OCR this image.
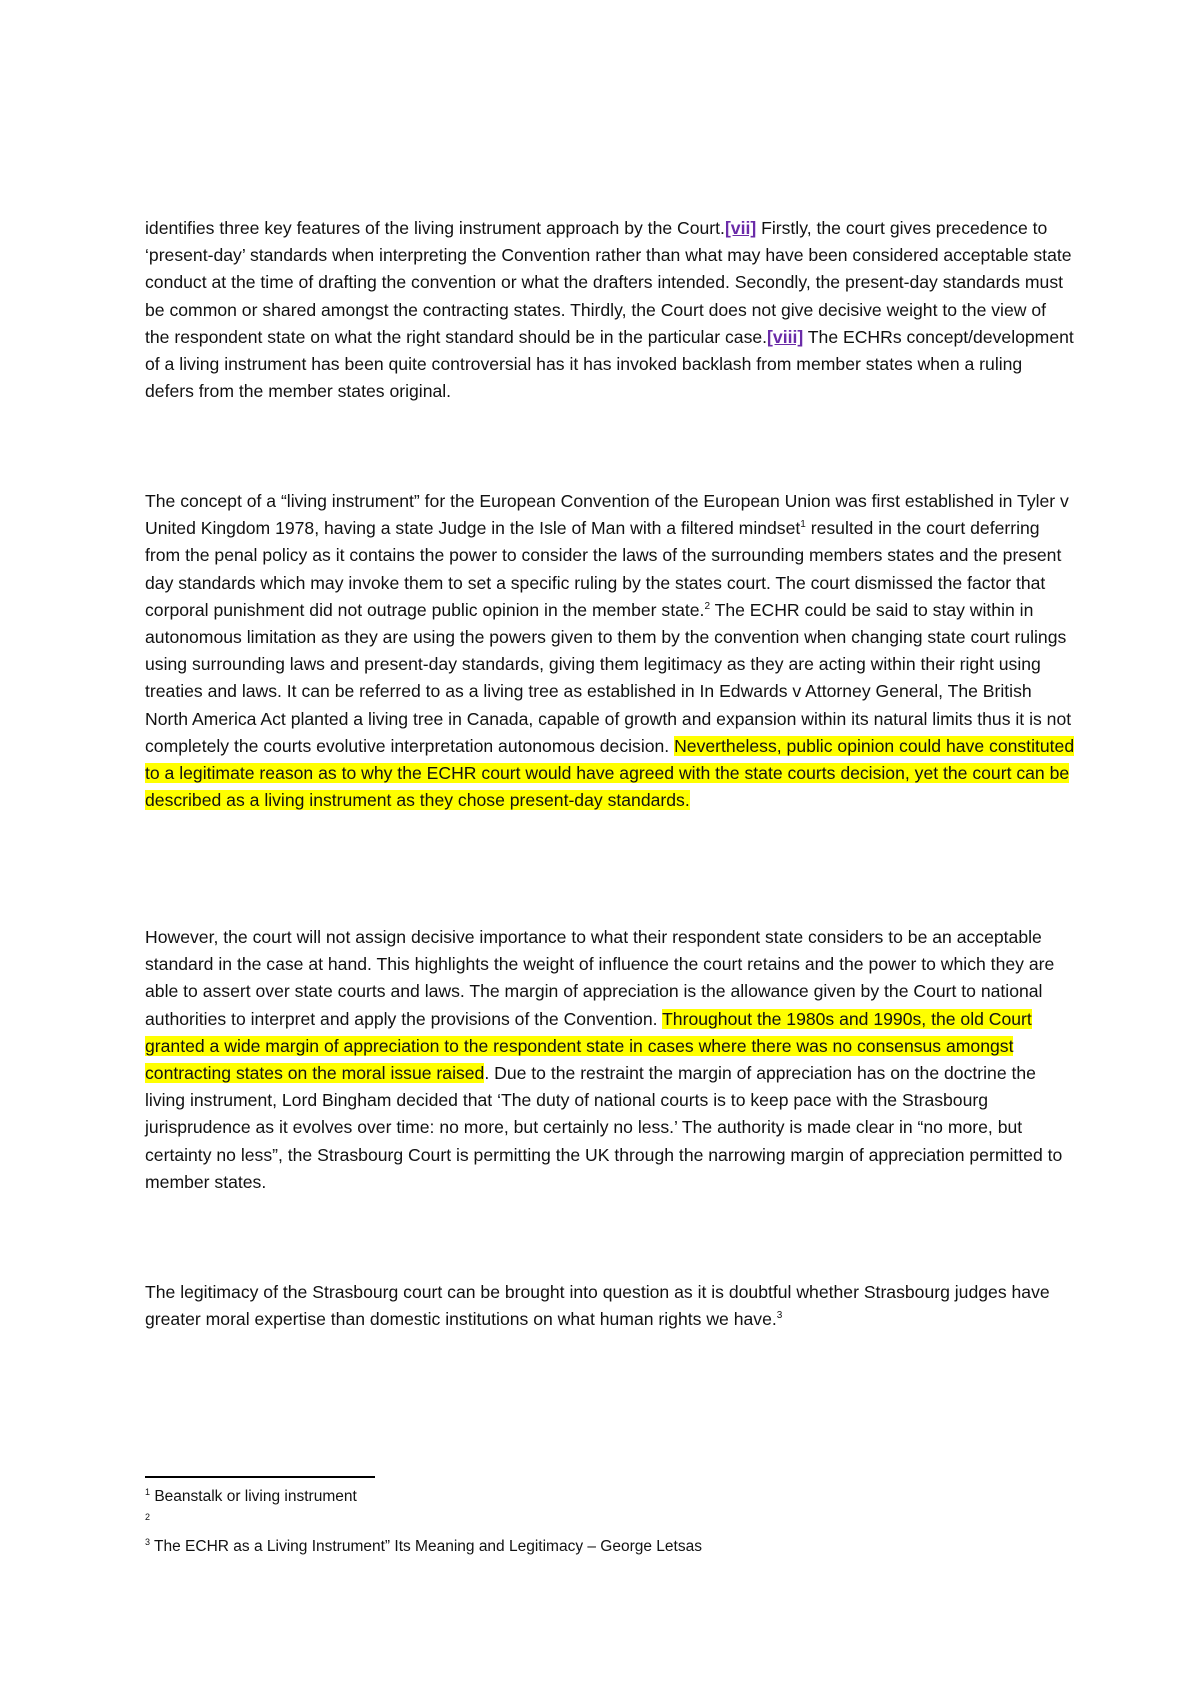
identifies three key features of the living instrument approach by the Court.[vii] Firstly, the court gives precedence to ‘present-day’ standards when interpreting the Convention rather than what may have been considered acceptable state conduct at the time of drafting the convention or what the drafters intended. Secondly, the present-day standards must be common or shared amongst the contracting states. Thirdly, the Court does not give decisive weight to the view of the respondent state on what the right standard should be in the particular case.[viii] The ECHRs concept/development of a living instrument has been quite controversial has it has invoked backlash from member states when a ruling defers from the member states original.

The concept of a “living instrument” for the European Convention of the European Union was first established in Tyler v United Kingdom 1978, having a state Judge in the Isle of Man with a filtered mindset$^1$ resulted in the court deferring from the penal policy as it contains the power to consider the laws of the surrounding members states and the present day standards which may invoke them to set a specific ruling by the states court. The court dismissed the factor that corporal punishment did not outrage public opinion in the member state.$^2$ The ECHR could be said to stay within in autonomous limitation as they are using the powers given to them by the convention when changing state court rulings using surrounding laws and present-day standards, giving them legitimacy as they are acting within their right using treaties and laws. It can be referred to as a living tree as established in In Edwards v Attorney General, The British North America Act planted a living tree in Canada, capable of growth and expansion within its natural limits thus it is not completely the courts evolutive interpretation autonomous decision. Nevertheless, public opinion could have constituted to a legitimate reason as to why the ECHR court would have agreed with the state courts decision, yet the court can be described as a living instrument as they chose present-day standards.

However, the court will not assign decisive importance to what their respondent state considers to be an acceptable standard in the case at hand. This highlights the weight of influence the court retains and the power to which they are able to assert over state courts and laws. The margin of appreciation is the allowance given by the Court to national authorities to interpret and apply the provisions of the Convention. Throughout the 1980s and 1990s, the old Court granted a wide margin of appreciation to the respondent state in cases where there was no consensus amongst contracting states on the moral issue raised. Due to the restraint the margin of appreciation has on the doctrine the living instrument, Lord Bingham decided that ‘The duty of national courts is to keep pace with the Strasbourg jurisprudence as it evolves over time: no more, but certainly no less.’ The authority is made clear in “no more, but certainty no less”, the Strasbourg Court is permitting the UK through the narrowing margin of appreciation permitted to member states.

The legitimacy of the Strasbourg court can be brought into question as it is doubtful whether Strasbourg judges have greater moral expertise than domestic institutions on what human rights we have.$^3$

$^1$ Beanstalk or living instrument

$^2$

$^3$ The ECHR as a Living Instrument” Its Meaning and Legitimacy – George Letsas
